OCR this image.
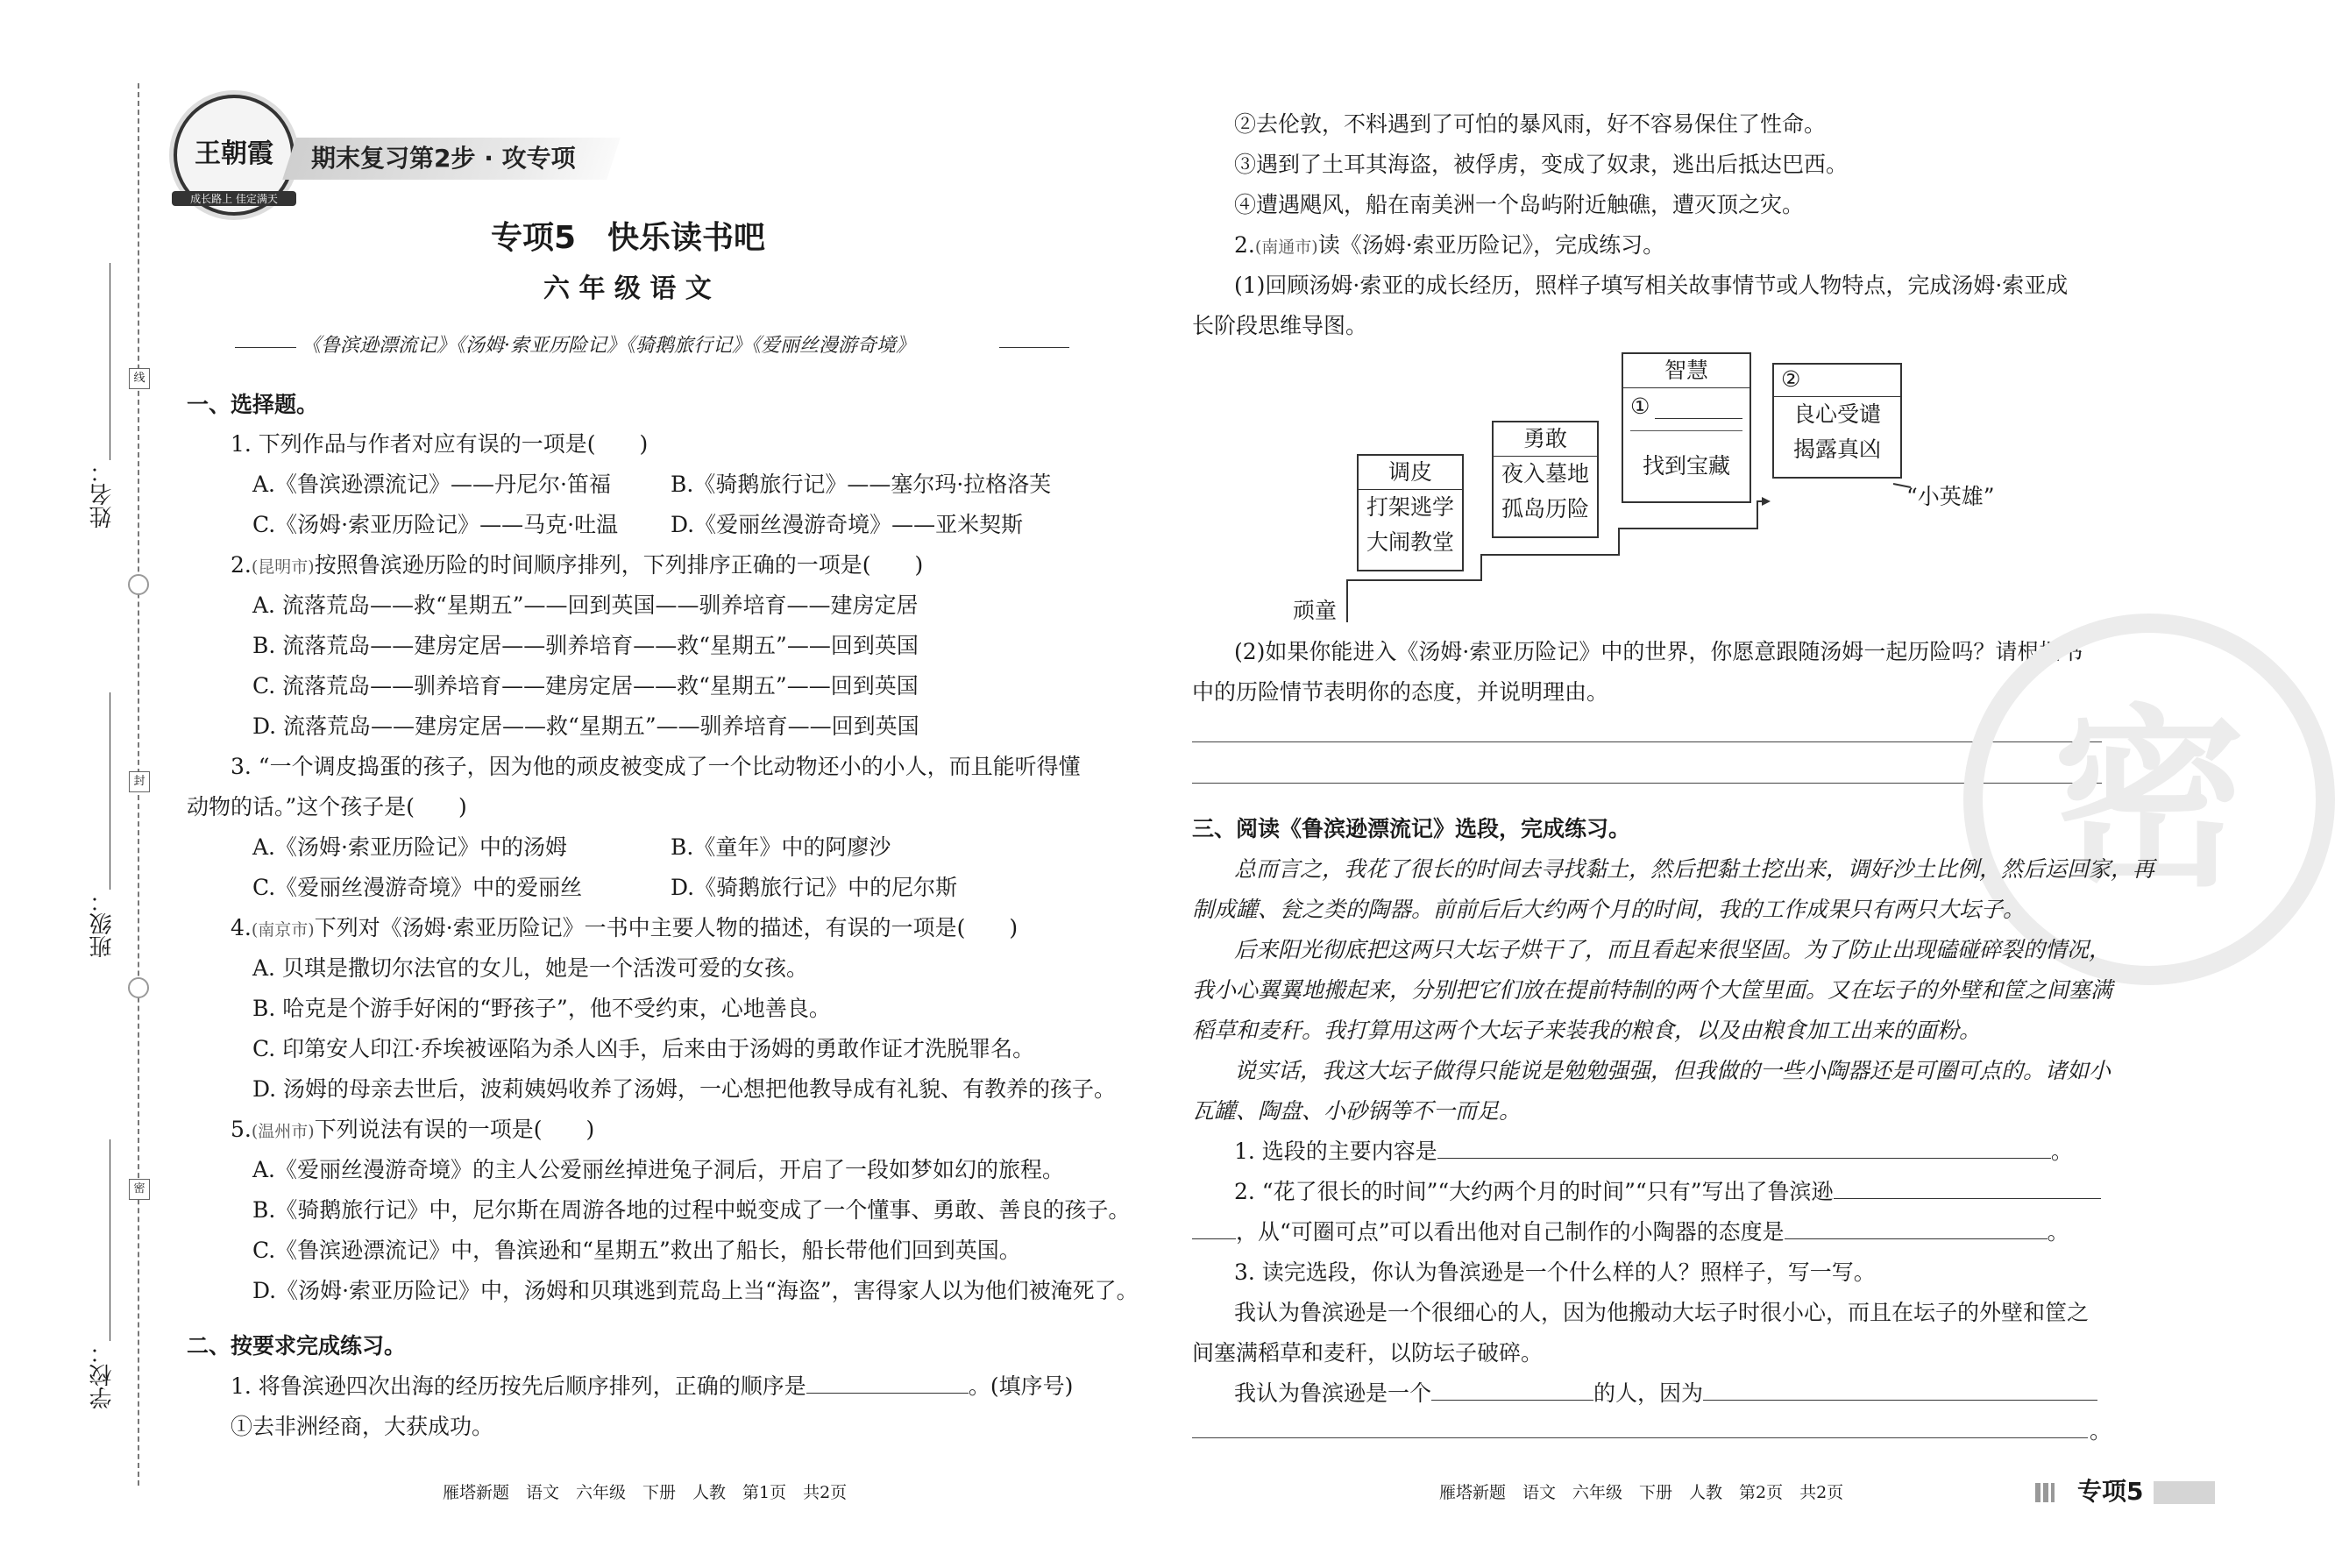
姓名：
班级：
学校：
线
封
密
王朝霞
成长路上 佳定满天
期末复习第2步 · 攻专项
专项5　快乐读书吧
六 年 级 语 文
《鲁滨逊漂流记》《汤姆·索亚历险记》《骑鹅旅行记》《爱丽丝漫游奇境》
一、选择题。
1. 下列作品与作者对应有误的一项是(　　)
A.《鲁滨逊漂流记》——丹尼尔·笛福	B.《骑鹅旅行记》——塞尔玛·拉格洛芙
C.《汤姆·索亚历险记》——马克·吐温 D.《爱丽丝漫游奇境》——亚米契斯
2.(昆明市)按照鲁滨逊历险的时间顺序排列，下列排序正确的一项是(　　)
A. 流落荒岛——救“星期五”——回到英国——驯养培育——建房定居
B. 流落荒岛——建房定居——驯养培育——救“星期五”——回到英国
C. 流落荒岛——驯养培育——建房定居——救“星期五”——回到英国
D. 流落荒岛——建房定居——救“星期五”——驯养培育——回到英国
3. “一个调皮捣蛋的孩子，因为他的顽皮被变成了一个比动物还小的小人，而且能听得懂
动物的话。”这个孩子是(　　)
A.《汤姆·索亚历险记》中的汤姆	B.《童年》中的阿廖沙
C.《爱丽丝漫游奇境》中的爱丽丝	D.《骑鹅旅行记》中的尼尔斯
4.(南京市)下列对《汤姆·索亚历险记》一书中主要人物的描述，有误的一项是(　　)
A. 贝琪是撒切尔法官的女儿，她是一个活泼可爱的女孩。
B. 哈克是个游手好闲的“野孩子”，他不受约束，心地善良。
C. 印第安人印江·乔埃被诬陷为杀人凶手，后来由于汤姆的勇敢作证才洗脱罪名。
D. 汤姆的母亲去世后，波莉姨妈收养了汤姆，一心想把他教导成有礼貌、有教养的孩子。
5.(温州市)下列说法有误的一项是(　　)
A.《爱丽丝漫游奇境》的主人公爱丽丝掉进兔子洞后，开启了一段如梦如幻的旅程。
B.《骑鹅旅行记》中，尼尔斯在周游各地的过程中蜕变成了一个懂事、勇敢、善良的孩子。
C.《鲁滨逊漂流记》中，鲁滨逊和“星期五”救出了船长，船长带他们回到英国。
D.《汤姆·索亚历险记》中，汤姆和贝琪逃到荒岛上当“海盗”，害得家人以为他们被淹死了。
二、按要求完成练习。
1. 将鲁滨逊四次出海的经历按先后顺序排列，正确的顺序是	。(填序号)
①去非洲经商，大获成功。
②去伦敦，不料遇到了可怕的暴风雨，好不容易保住了性命。
③遇到了土耳其海盗，被俘虏，变成了奴隶，逃出后抵达巴西。
④遭遇飓风，船在南美洲一个岛屿附近触礁，遭灭顶之灾。
2.(南通市)读《汤姆·索亚历险记》，完成练习。
(1)回顾汤姆·索亚的成长经历，照样子填写相关故事情节或人物特点，完成汤姆·索亚成
长阶段思维导图。
顽童
“小英雄”
调皮
打架逃学
大闹教堂
勇敢
夜入墓地
孤岛历险
智慧
①
找到宝藏
②
良心受谴
揭露真凶
(2)如果你能进入《汤姆·索亚历险记》中的世界，你愿意跟随汤姆一起历险吗？请根据书
中的历险情节表明你的态度，并说明理由。 密
三、阅读《鲁滨逊漂流记》选段，完成练习。
总而言之，我花了很长的时间去寻找黏土，然后把黏土挖出来，调好沙土比例，然后运回家，再
制成罐、瓮之类的陶器。前前后后大约两个月的时间，我的工作成果只有两只大坛子。
后来阳光彻底把这两只大坛子烘干了，而且看起来很坚固。为了防止出现磕碰碎裂的情况，
我小心翼翼地搬起来，分别把它们放在提前特制的两个大筐里面。又在坛子的外壁和筐之间塞满
稻草和麦秆。我打算用这两个大坛子来装我的粮食，以及由粮食加工出来的面粉。
说实话，我这大坛子做得只能说是勉勉强强，但我做的一些小陶器还是可圈可点的。诸如小
瓦罐、陶盘、小砂锅等不一而足。
1. 选段的主要内容是	。
2. “花了很长的时间”“大约两个月的时间”“只有”写出了鲁滨逊
，从“可圈可点”可以看出他对自己制作的小陶器的态度是	。
3. 读完选段，你认为鲁滨逊是一个什么样的人？照样子，写一写。
我认为鲁滨逊是一个很细心的人，因为他搬动大坛子时很小心，而且在坛子的外壁和筐之
间塞满稻草和麦秆，以防坛子破碎。
我认为鲁滨逊是一个	的人，因为
。
雁塔新题　语文　六年级　下册　人教　第1页　共2页	雁塔新题　语文　六年级　下册　人教　第2页　共2页	专项5
